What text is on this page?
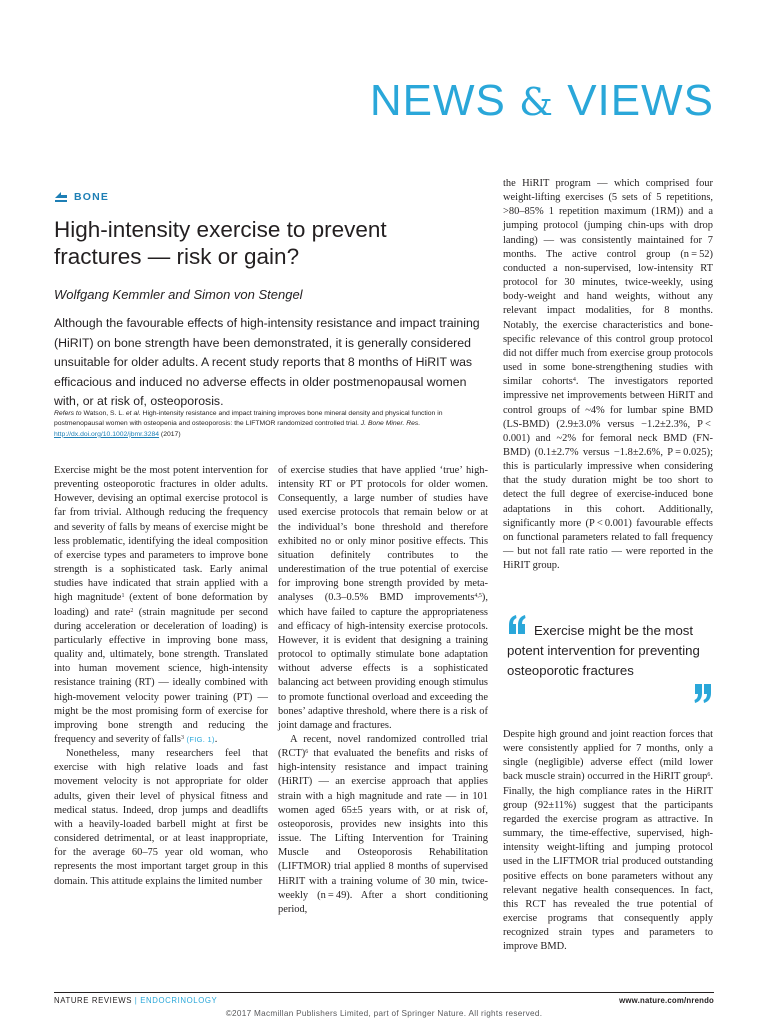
NEWS & VIEWS
BONE
High-intensity exercise to prevent fractures — risk or gain?
Wolfgang Kemmler and Simon von Stengel

Although the favourable effects of high-intensity resistance and impact training (HiRIT) on bone strength have been demonstrated, it is generally considered unsuitable for older adults. A recent study reports that 8 months of HiRIT was efficacious and induced no adverse effects in older postmenopausal women with, or at risk of, osteoporosis.

Refers to Watson, S. L. et al. High-intensity resistance and impact training improves bone mineral density and physical function in postmenopausal women with osteopenia and osteoporosis: the LIFTMOR randomized controlled trial. J. Bone Miner. Res. http://dx.doi.org/10.1002/jbmr.3284 (2017)

Exercise might be the most potent intervention for preventing osteoporotic fractures in older adults. However, devising an optimal exercise protocol is far from trivial. Although reducing the frequency and severity of falls by means of exercise might be less problematic, identifying the ideal composition of exercise types and parameters to improve bone strength is a sophisticated task. Early animal studies have indicated that strain applied with a high magnitude$^1$ (extent of bone deformation by loading) and rate$^2$ (strain magnitude per second during acceleration or deceleration of loading) is particularly effective in improving bone mass, quality and, ultimately, bone strength. Translated into human movement science, high-intensity resistance training (RT) — ideally combined with high-movement velocity power training (PT) — might be the most promising form of exercise for improving bone strength and reducing the frequency and severity of falls$^3$ (FIG. 1).

Nonetheless, many researchers feel that exercise with high relative loads and fast movement velocity is not appropriate for older adults, given their level of physical fitness and medical status. Indeed, drop jumps and deadlifts with a heavily-loaded barbell might at first be considered detrimental, or at least inappropriate, for the average 60–75 year old woman, who represents the most important target group in this domain. This attitude explains the limited number

of exercise studies that have applied ‘true’ high-intensity RT or PT protocols for older women. Consequently, a large number of studies have used exercise protocols that remain below or at the individual’s bone threshold and therefore exhibited no or only minor positive effects. This situation definitely contributes to the underestimation of the true potential of exercise for improving bone strength provided by meta-analyses (0.3–0.5% BMD improvements$^{4,5}$), which have failed to capture the appropriateness and efficacy of high-intensity exercise protocols. However, it is evident that designing a training protocol to optimally stimulate bone adaptation without adverse effects is a sophisticated balancing act between providing enough stimulus to promote functional overload and exceeding the bones’ adaptive threshold, where there is a risk of joint damage and fractures.

A recent, novel randomized controlled trial (RCT)$^6$ that evaluated the benefits and risks of high-intensity resistance and impact training (HiRIT) — an exercise approach that applies strain with a high magnitude and rate — in 101 women aged 65±5 years with, or at risk of, osteoporosis, provides new insights into this issue. The Lifting Intervention for Training Muscle and Osteoporosis Rehabilitation (LIFTMOR) trial applied 8 months of supervised HiRIT with a training volume of 30 min, twice-weekly (n = 49). After a short conditioning period,

the HiRIT program — which comprised four weight-lifting exercises (5 sets of 5 repetitions, >80–85% 1 repetition maximum (1RM)) and a jumping protocol (jumping chin-ups with drop landing) — was consistently maintained for 7 months. The active control group (n = 52) conducted a non-supervised, low-intensity RT protocol for 30 minutes, twice-weekly, using body-weight and hand weights, without any relevant impact modalities, for 8 months. Notably, the exercise characteristics and bone-specific relevance of this control group protocol did not differ much from exercise group protocols used in some bone-strengthening studies with similar cohorts$^4$. The investigators reported impressive net improvements between HiRIT and control groups of ~4% for lumbar spine BMD (LS-BMD) (2.9±3.0% versus −1.2±2.3%, P < 0.001) and ~2% for femoral neck BMD (FN-BMD) (0.1±2.7% versus −1.8±2.6%, P = 0.025); this is particularly impressive when considering that the study duration might be too short to detect the full degree of exercise-induced bone adaptations in this cohort. Additionally, significantly more (P < 0.001) favourable effects on functional parameters related to fall frequency — but not fall rate ratio — were reported in the HiRIT group.

Exercise might be the most potent intervention for preventing osteoporotic fractures

Despite high ground and joint reaction forces that were consistently applied for 7 months, only a single (negligible) adverse effect (mild lower back muscle strain) occurred in the HiRIT group$^6$. Finally, the high compliance rates in the HiRIT group (92±11%) suggest that the participants regarded the exercise program as attractive. In summary, the time-effective, supervised, high-intensity weight-lifting and jumping protocol used in the LIFTMOR trial produced outstanding positive effects on bone parameters without any relevant negative health consequences. In fact, this RCT has revealed the true potential of exercise programs that consequently apply recognized strain types and parameters to improve BMD.

NATURE REVIEWS | ENDOCRINOLOGY	www.nature.com/nrendo
©2017 Macmillan Publishers Limited, part of Springer Nature. All rights reserved.
